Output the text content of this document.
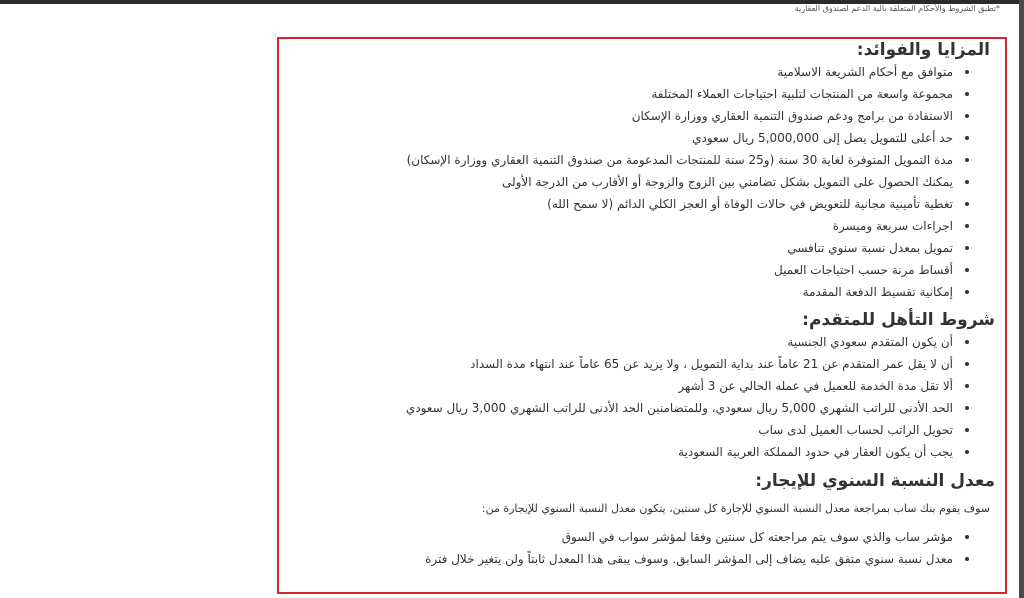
*تطبق الشروط والأحكام المتعلقة بالية الدعم لصندوق العقارية
المزايا والفوائد:
متوافق مع أحكام الشريعة الاسلامية
مجموعة واسعة من المنتجات لتلبية احتياجات العملاء المختلفة
الاستفادة من برامج ودعم صندوق التنمية العقاري ووزارة الإسكان
حد أعلى للتمويل يصل إلى 5,000,000 ريال سعودي
مدة التمويل المتوفرة لغاية 30 سنة (و25 سنة للمنتجات المدعومة من صندوق التنمية العقاري ووزارة الإسكان)
يمكنك الحصول على التمويل بشكل تضامني بين الزوج والزوجة أو الأقارب من الدرجة الأولى
تغطية تأمينية مجانية للتعويض في حالات الوفاة أو العجز الكلي الدائم (لا سمح الله)
اجراءات سريعة وميسرة
تمويل بمعدل نسبة سنوي تنافسي
أقساط مرنة حسب احتياجات العميل
إمكانية تقسيط الدفعة المقدمة
شروط التأهل للمتقدم:
أن يكون المتقدم سعودي الجنسية
أن لا يقل عمر المتقدم عن 21 عاماً عند بداية التمويل ، ولا يزيد عن 65 عاماً عند انتهاء مدة السداد
ألا تقل مدة الخدمة للعميل في عمله الحالي عن 3 أشهر
الحد الأدنى للراتب الشهري 5,000 ريال سعودي، وللمتضامنين الحد الأدنى للراتب الشهري 3,000 ريال سعودي
تحويل الراتب لحساب العميل لدى ساب
يجب أن يكون العقار في حدود المملكة العربية السعودية
معدل النسبة السنوي للإيجار:
سوف يقوم بنك ساب بمراجعة معدل النسبة السنوي للإجارة كل سنتين، يتكون معدل النسبة السنوي للإيجارة من:
مؤشر ساب والذي سوف يتم مراجعته كل سنتين وفقا لمؤشر سواب في السوق
معدل نسبة سنوي متفق عليه يضاف إلى المؤشر السابق. وسوف يبقى هذا المعدل ثابتاً ولن يتغير خلال فترة
